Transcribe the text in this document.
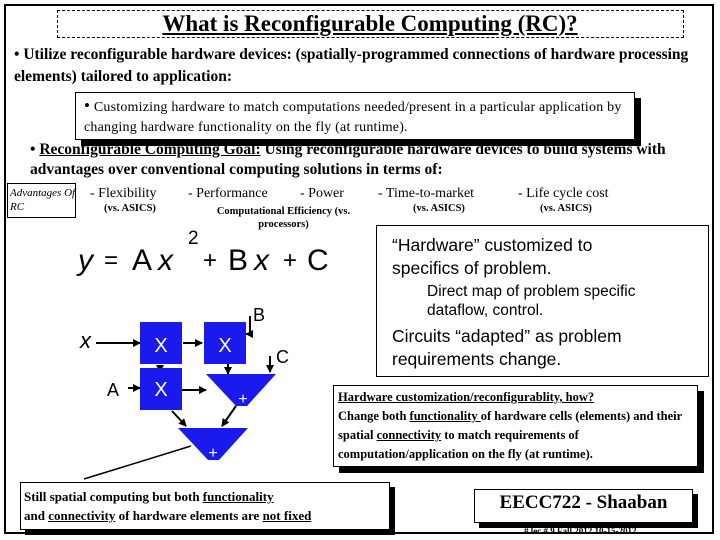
What is Reconfigurable Computing (RC)?
• Utilize reconfigurable hardware devices: (spatially-programmed connections of hardware processing elements) tailored to application:
• Customizing hardware to match computations needed/present in a particular application by changing hardware functionality on the fly (at runtime).
• Reconfigurable Computing Goal: Using reconfigurable hardware devices to build systems with advantages over conventional computing solutions in terms of:
Advantages Of RC
- Flexibility
(vs. ASICS)
- Performance
Computational Efficiency (vs. processors)
- Power - Time-to-market
(vs. ASICS)
- Life cycle cost
(vs. ASICS)
y = A x
2
+ B x + C
X	X
X	+
+
x
A
B
C
“Hardware” customized to
specifics of problem.
Direct map of problem specific
dataflow, control.
Circuits “adapted” as problem
requirements change.
Hardware customization/reconfigurablity, how?
Change both functionality of hardware cells (elements) and their spatial connectivity to match requirements of computation/application on the fly (at runtime).
Still spatial computing but both functionality
and connectivity of hardware elements are not fixed
EECC722 - Shaaban
# lec # 9 Fall 2012 10-15-2012
